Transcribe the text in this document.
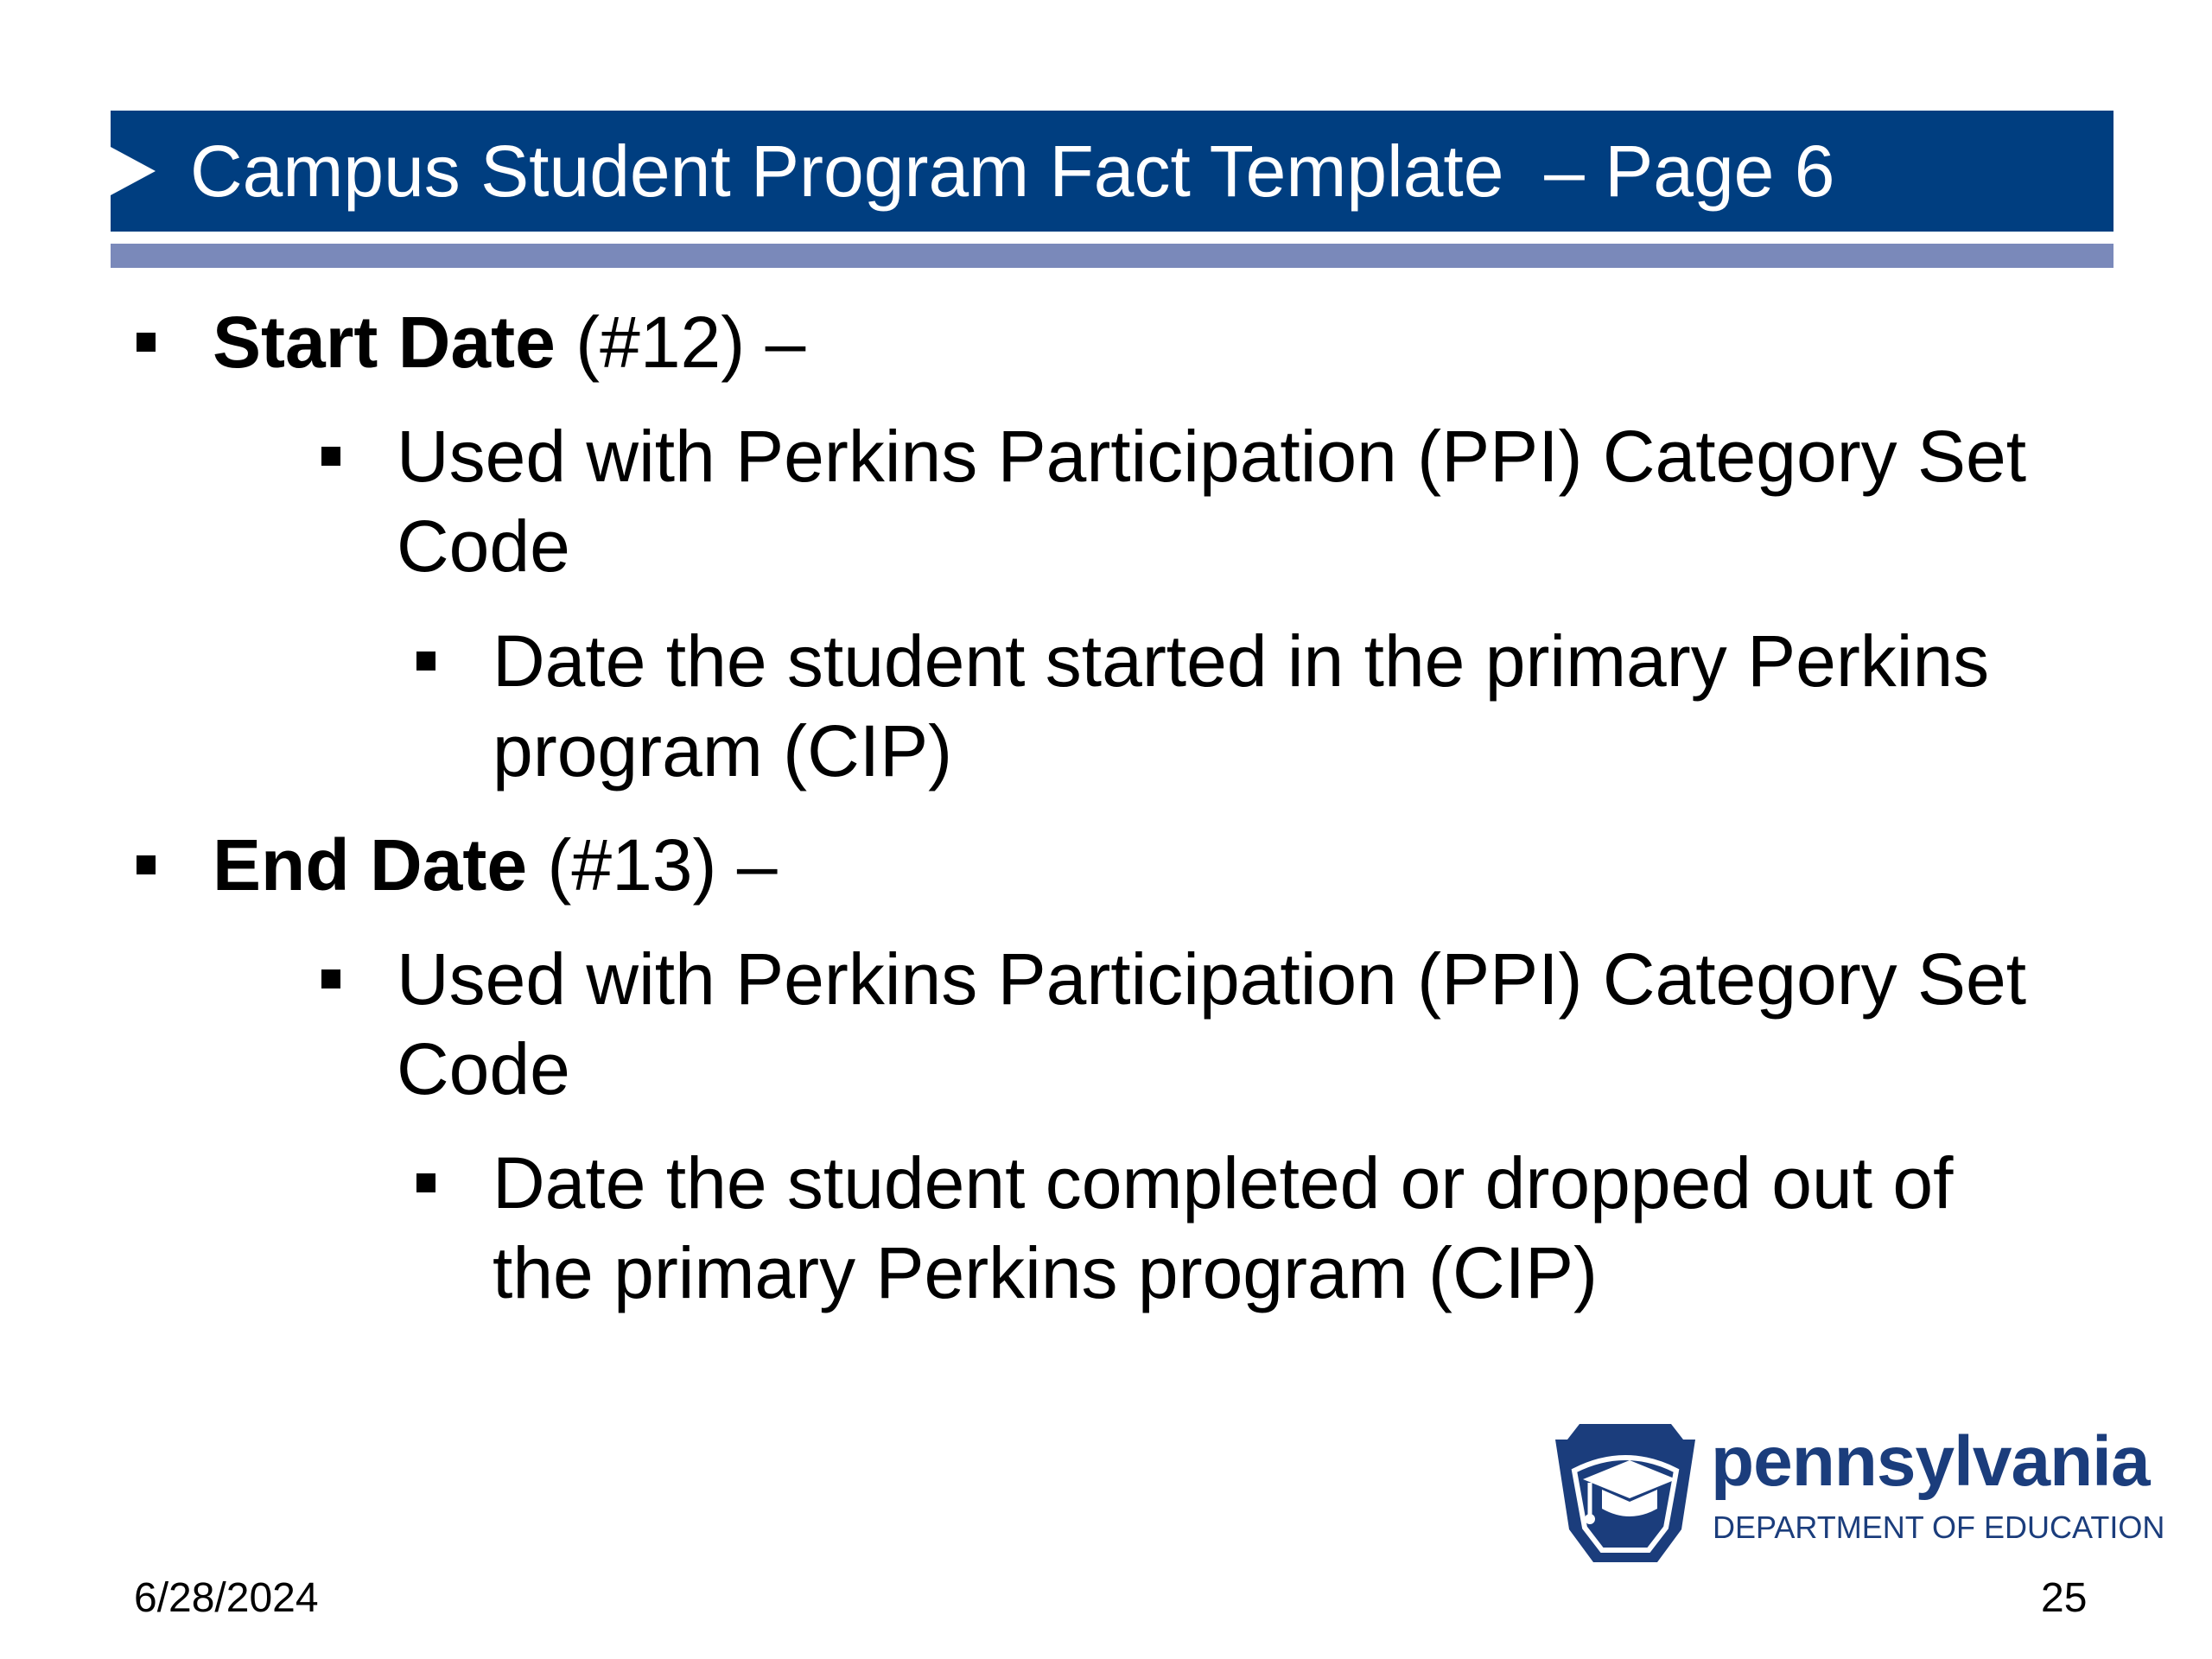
Campus Student Program Fact Template  – Page 6
Start Date (#12) –
Used with Perkins Participation (PPI) Category Set
Code
Date the student started in the primary Perkins
program (CIP)
End Date (#13) –
Used with Perkins Participation (PPI) Category Set
Code
Date the student completed or dropped out of
the primary Perkins program (CIP)
pennsylvania
DEPARTMENT OF EDUCATION
6/28/2024	25
